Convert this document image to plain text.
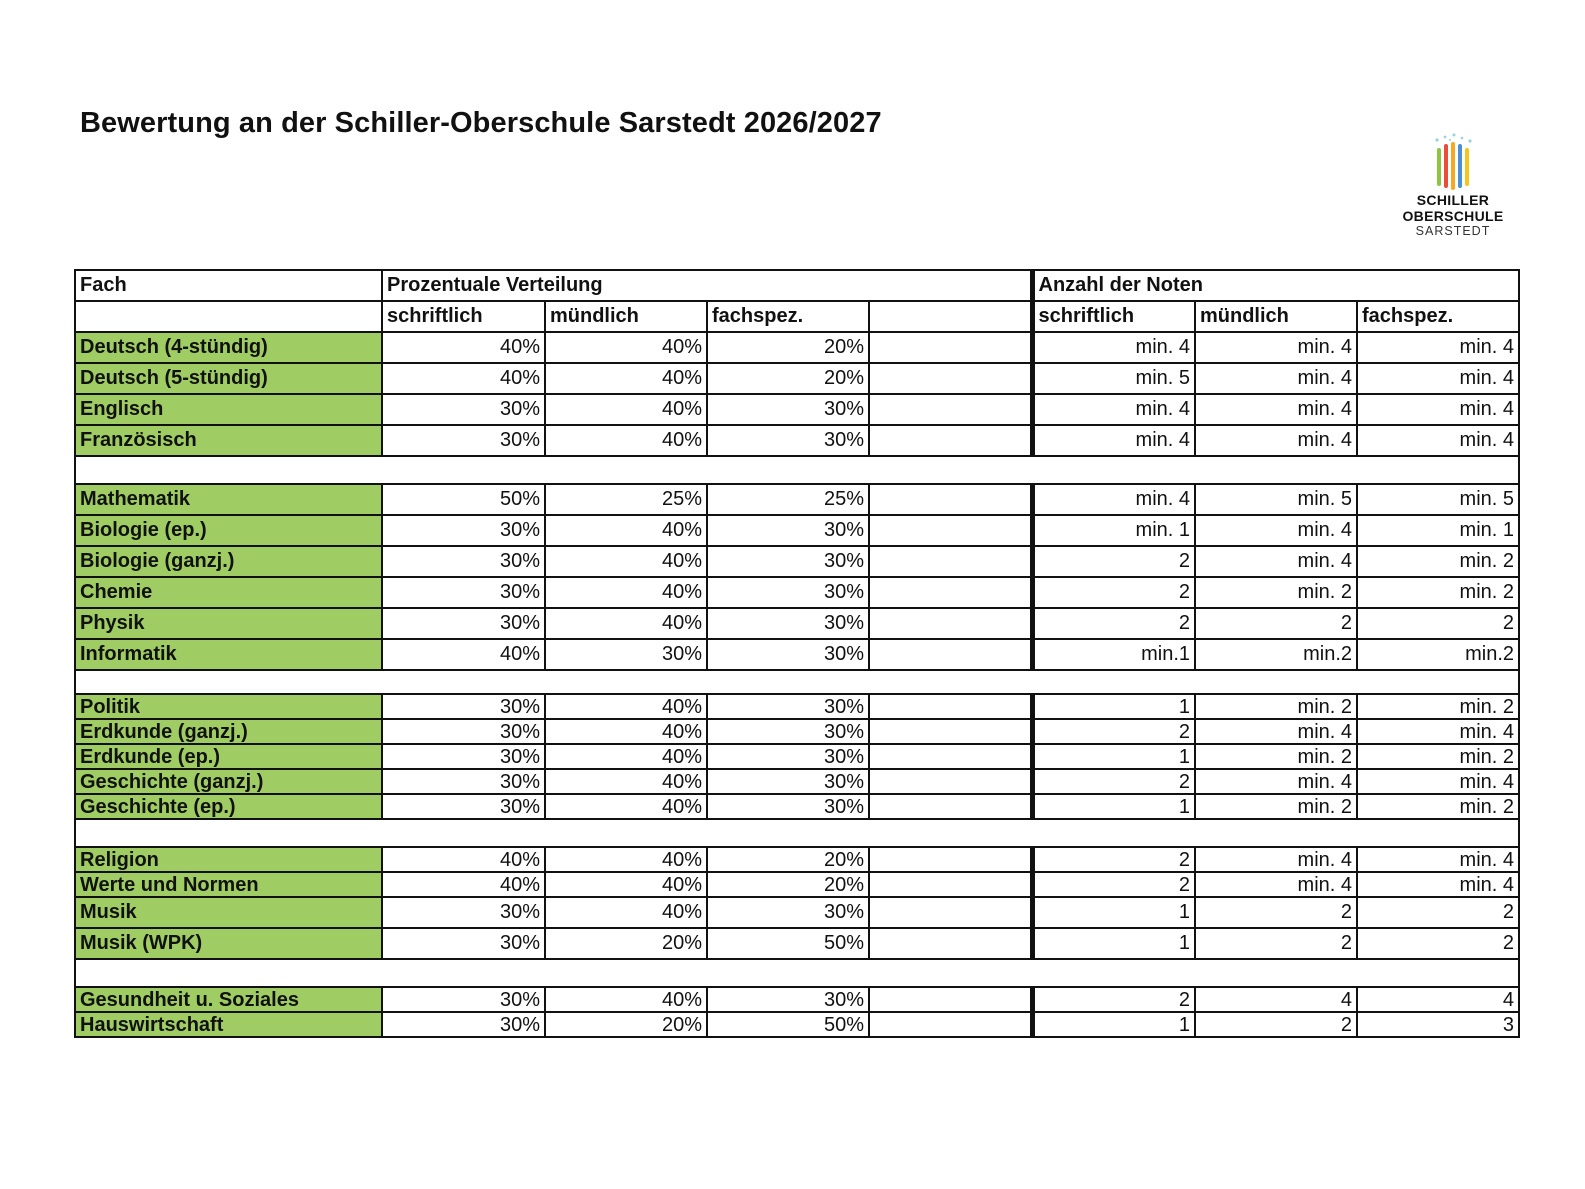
Bewertung an der Schiller-Oberschule Sarstedt 2026/2027
SCHILLER
OBERSCHULE
SARSTEDT
Fach	Prozentuale Verteilung				Anzahl der Noten		
	schriftlich	mündlich	fachspez.		schriftlich	mündlich	fachspez.
Deutsch (4-stündig)	40%	40%	20%		min. 4	min. 4	min. 4
Deutsch (5-stündig)	40%	40%	20%		min. 5	min. 4	min. 4
Englisch	30%	40%	30%		min. 4	min. 4	min. 4
Französisch	30%	40%	30%		min. 4	min. 4	min. 4

Mathematik	50%	25%	25%		min. 4	min. 5	min. 5
Biologie (ep.)	30%	40%	30%		min. 1	min. 4	min. 1
Biologie (ganzj.)	30%	40%	30%		2	min. 4	min. 2
Chemie	30%	40%	30%		2	min. 2	min. 2
Physik	30%	40%	30%		2	2	2
Informatik	40%	30%	30%		min.1	min.2	min.2

Politik	30%	40%	30%		1	min. 2	min. 2
Erdkunde (ganzj.)	30%	40%	30%		2	min. 4	min. 4
Erdkunde (ep.)	30%	40%	30%		1	min. 2	min. 2
Geschichte (ganzj.)	30%	40%	30%		2	min. 4	min. 4
Geschichte (ep.)	30%	40%	30%		1	min. 2	min. 2

Religion	40%	40%	20%		2	min. 4	min. 4
Werte und Normen	40%	40%	20%		2	min. 4	min. 4
Musik	30%	40%	30%		1	2	2
Musik (WPK)	30%	20%	50%		1	2	2

Gesundheit u. Soziales	30%	40%	30%		2	4	4
Hauswirtschaft	30%	20%	50%		1	2	3
